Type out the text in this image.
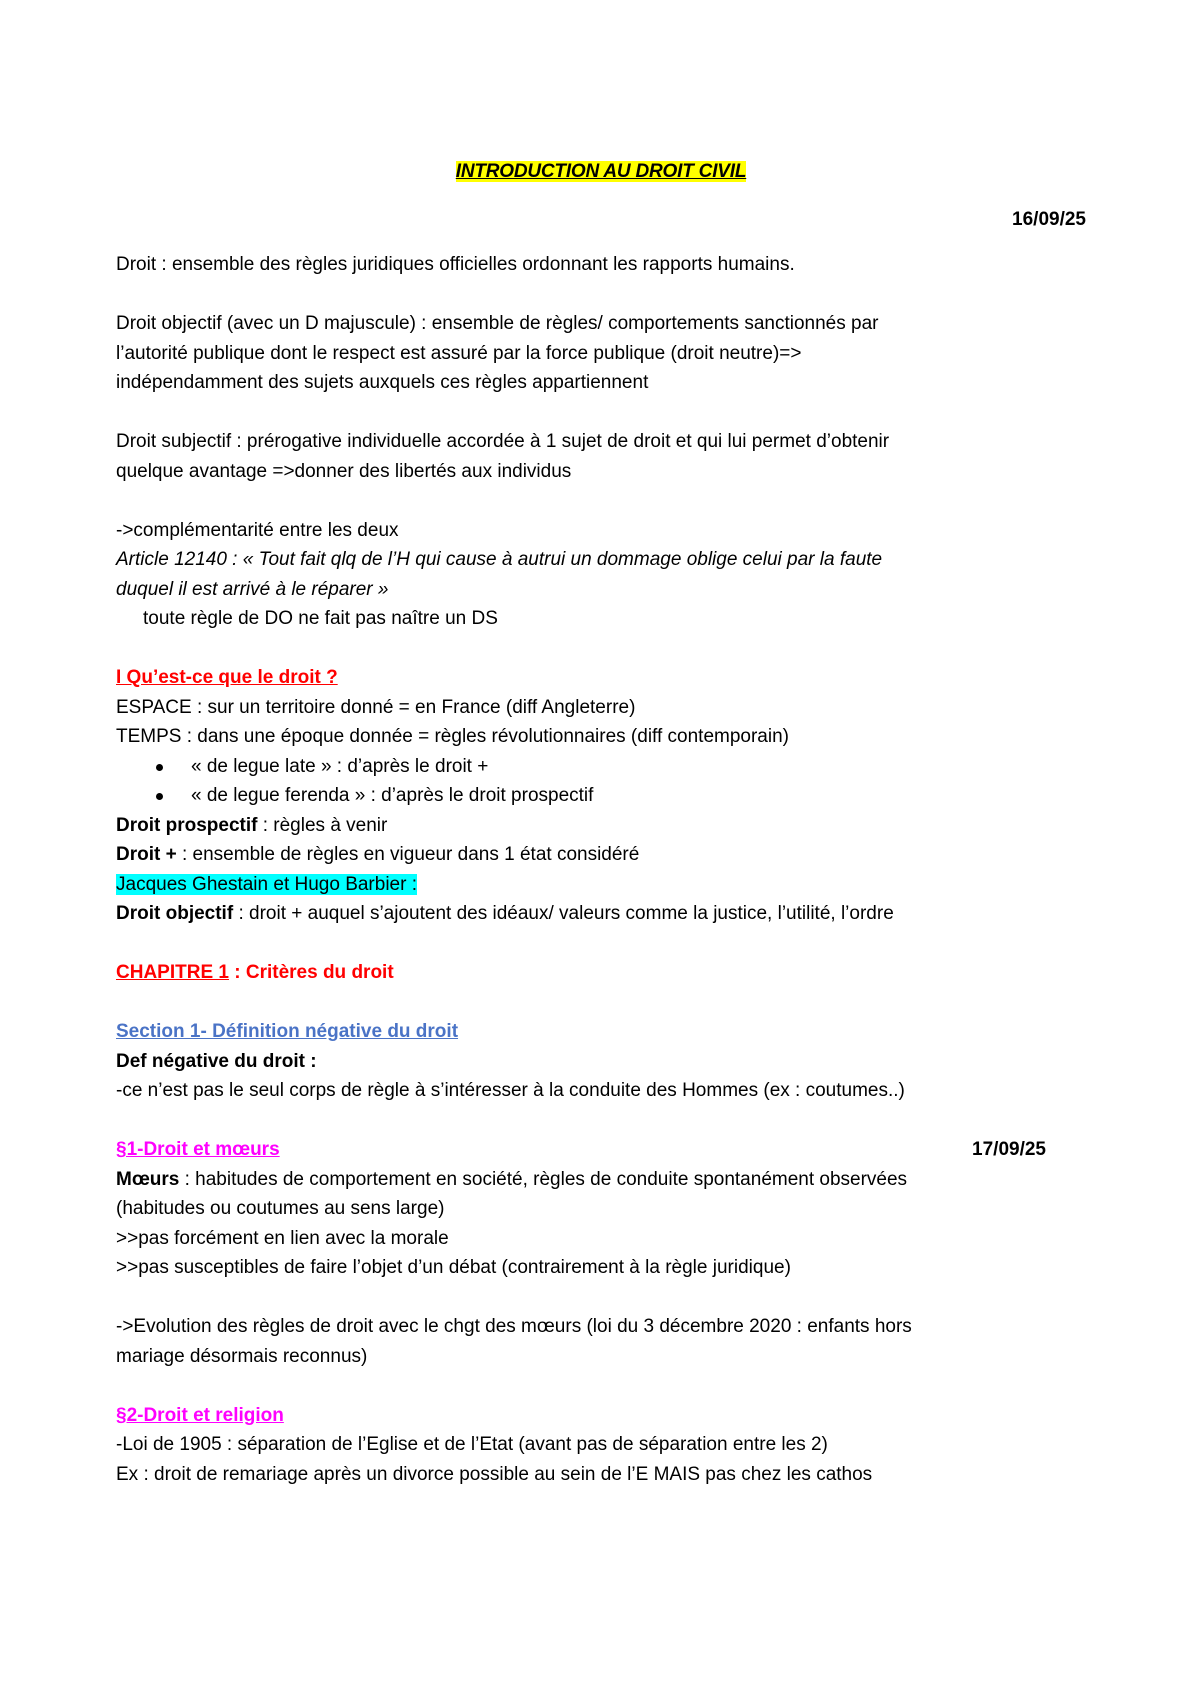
INTRODUCTION AU DROIT CIVIL
16/09/25

Droit : ensemble des règles juridiques officielles ordonnant les rapports humains.

Droit objectif (avec un D majuscule) : ensemble de règles/ comportements sanctionnés par

l’autorité publique dont le respect est assuré par la force publique (droit neutre)=>

indépendamment des sujets auxquels ces règles appartiennent

Droit subjectif : prérogative individuelle accordée à 1 sujet de droit et qui lui permet d’obtenir

quelque avantage =>donner des libertés aux individus

->complémentarité entre les deux

Article 12140 : « Tout fait qlq de l’H qui cause à autrui un dommage oblige celui par la faute

duquel il est arrivé à le réparer »

toute règle de DO ne fait pas naître un DS

I Qu’est-ce que le droit ?

ESPACE : sur un territoire donné = en France (diff Angleterre)

TEMPS : dans une époque donnée = règles révolutionnaires (diff contemporain)

« de legue late » : d’après le droit +
« de legue ferenda » : d’après le droit prospectif

Droit prospectif : règles à venir

Droit + : ensemble de règles en vigueur dans 1 état considéré

Jacques Ghestain et Hugo Barbier :

Droit objectif : droit + auquel s’ajoutent des idéaux/ valeurs comme la justice, l’utilité, l’ordre

CHAPITRE 1 : Critères du droit

Section 1- Définition négative du droit

Def négative du droit :

-ce n’est pas le seul corps de règle à s’intéresser à la conduite des Hommes (ex : coutumes..)

§1-Droit et mœurs	17/09/25

Mœurs : habitudes de comportement en société, règles de conduite spontanément observées

(habitudes ou coutumes au sens large)

>>pas forcément en lien avec la morale

>>pas susceptibles de faire l’objet d’un débat (contrairement à la règle juridique)

->Evolution des règles de droit avec le chgt des mœurs (loi du 3 décembre 2020 : enfants hors

mariage désormais reconnus)

§2-Droit et religion

-Loi de 1905 : séparation de l’Eglise et de l’Etat (avant pas de séparation entre les 2)

Ex : droit de remariage après un divorce possible au sein de l’E MAIS pas chez les cathos
